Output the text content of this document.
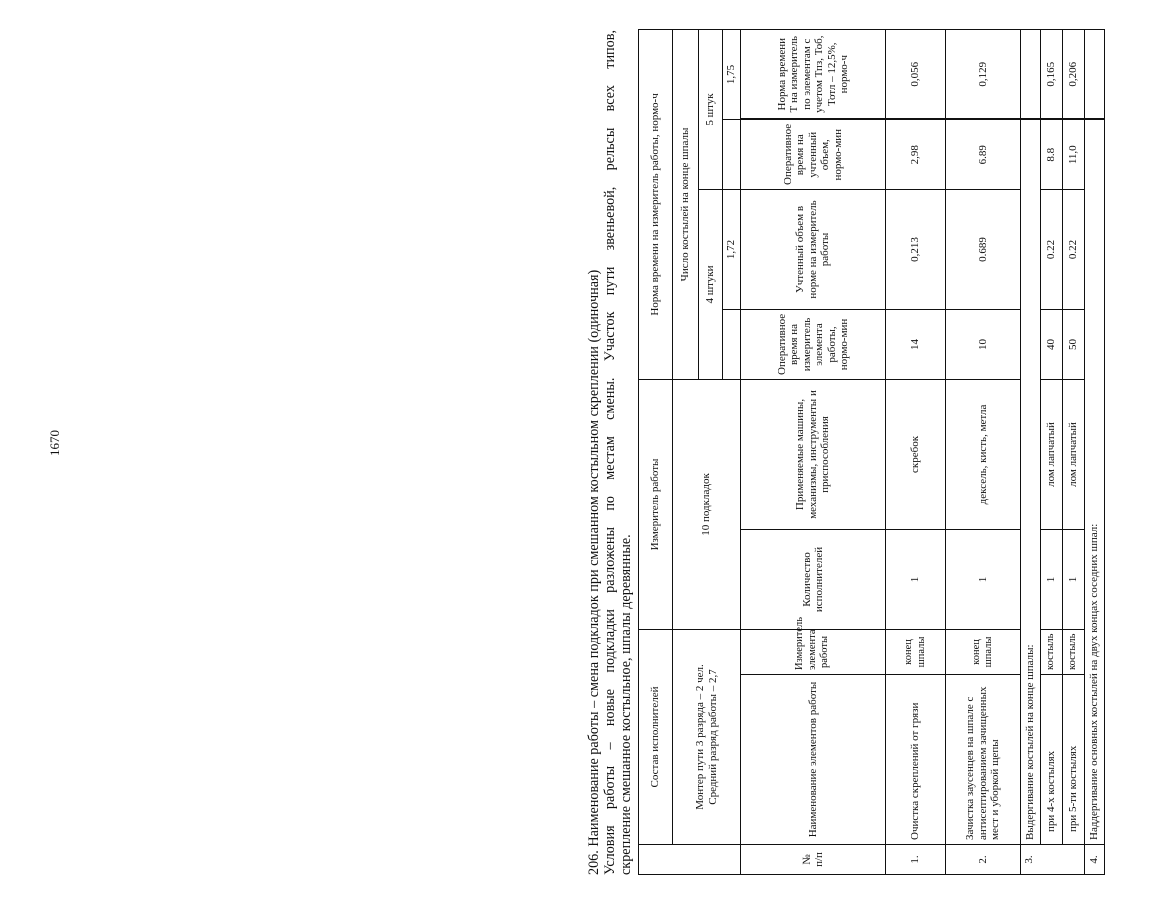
1670	206. Наименование работы – смена подкладок при смешанном костыльном скреплении (одиночная) Условия работы – новые подкладки разложены по местам смены. Участок пути звеньевой, рельсы всех типов, скрепление смешанное костыльное, шпалы деревянные.
	Состав исполнителей		Измеритель работы		Норма времени на измеритель работы, нормо-ч			
	Монтер пути 3 разряда – 2 чел.
Средний разряд работы – 2,7		10 подкладок		Число костылей на конце шпалы			
					4 штуки		5 штук	
						1,72		1,75
№ п/п	Наименование элементов работы	Измеритель элемента работы	Количество исполнителей	Применяемые машины, механизмы, инструменты и приспособления	Оперативное время на измеритель элемента работы, нормо-мин	Учтенный объем в норме на измеритель работы	Оперативное время на учтенный объем, нормо-мин	Норма времени Т на измеритель по элементам с учетом Тпз, Тоб, Тотл – 12,5%, нормо-ч
1.	Очистка скреплений от грязи	конец шпалы	1	скребок	14	0,213	2,98	0,056
2.	Зачистка заусенцев на шпале с антисептированием зачищенных мест и уборкой щепы	конец шпалы	1	дексель, кисть, метла	10	0.689	6.89	0,129
3.	Выдергивание костылей на конце шпалы:							
	при 4-х костылях	костыль	1	лом лапчатый	40	0.22	8.8	0,165
	при 5-ти костылях	костыль	1	лом лапчатый	50	0.22	11,0	0,206
4.	Наддергивание основных костылей на двух концах соседних шпал:							
